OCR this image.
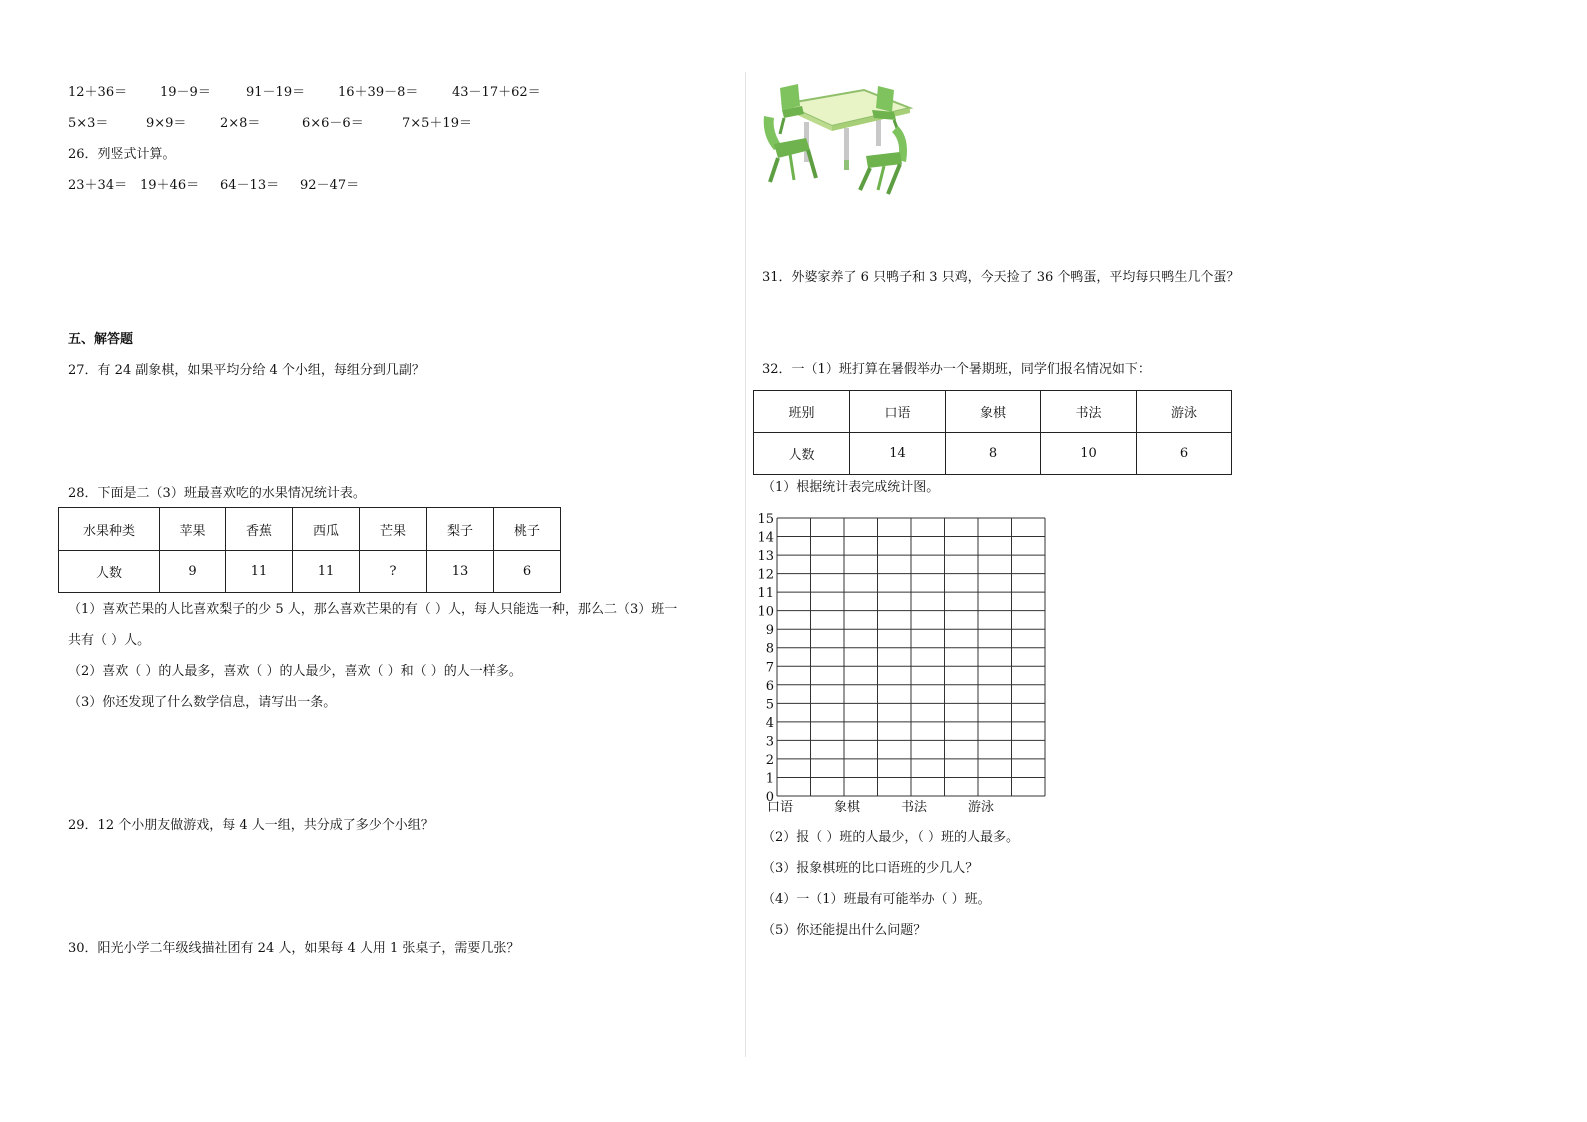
12＋36＝	19－9＝	91－19＝	16＋39－8＝	43－17＋62＝
5×3＝	9×9＝	2×8＝	6×6－6＝	7×5＋19＝
26．列竖式计算。
23＋34＝ 19＋46＝ 64－13＝ 92－47＝
五、解答题
27．有 24 副象棋，如果平均分给 4 个小组，每组分到几副？
28．下面是二（3）班最喜欢吃的水果情况统计表。
水果种类	苹果	香蕉	西瓜	芒果	梨子	桃子
人数	9	11	11	?	13	6
（1）喜欢芒果的人比喜欢梨子的少 5 人，那么喜欢芒果的有（ ）人，每人只能选一种，那么二（3）班一
共有（ ）人。
（2）喜欢（ ）的人最多，喜欢（ ）的人最少，喜欢（ ）和（ ）的人一样多。
（3）你还发现了什么数学信息，请写出一条。
29．12 个小朋友做游戏，每 4 人一组，共分成了多少个小组？
30．阳光小学二年级线描社团有 24 人，如果每 4 人用 1 张桌子，需要几张？
31．外婆家养了 6 只鸭子和 3 只鸡，今天捡了 36 个鸭蛋，平均每只鸭生几个蛋？
32．一（1）班打算在暑假举办一个暑期班，同学们报名情况如下：
班别	口语	象棋	书法	游泳
人数	14	8	10	6
（1）根据统计表完成统计图。
0
1
2
3
4
5
6
7
8
9
10
11
12
13
14
15
口语	象棋	书法	游泳
（2）报（ ）班的人最少，（ ）班的人最多。
（3）报象棋班的比口语班的少几人？
（4）一（1）班最有可能举办（ ）班。
（5）你还能提出什么问题？
